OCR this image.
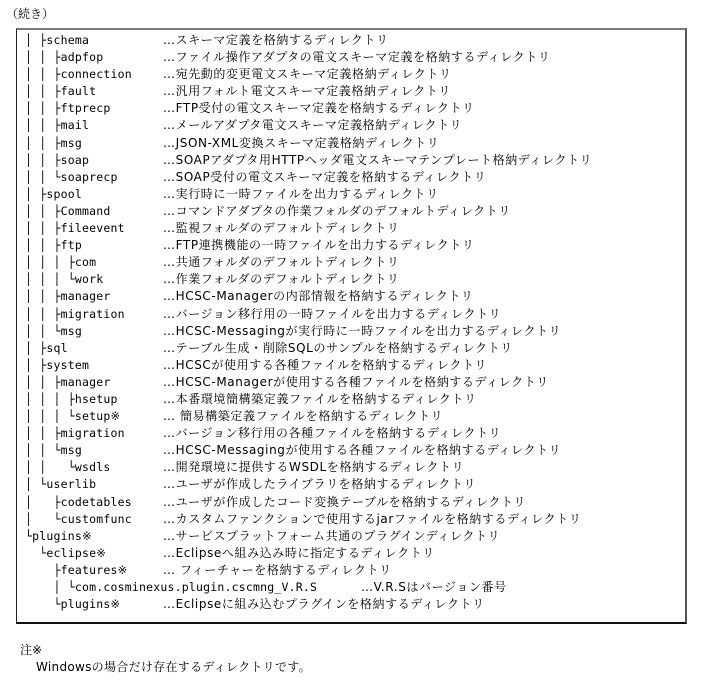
（続き）
│ ├schema	…スキーマ定義を格納するディレクトリ
│ │ ├adpfop	…ファイル操作アダプタの電文スキーマ定義を格納するディレクトリ
│ │ ├connection	…宛先動的変更電文スキーマ定義格納ディレクトリ
│ │ ├fault	…汎用フォルト電文スキーマ定義格納ディレクトリ
│ │ ├ftprecp	…FTP受付の電文スキーマ定義を格納するディレクトリ
│ │ ├mail	…メールアダプタ電文スキーマ定義格納ディレクトリ
│ │ ├msg	…JSON-XML変換スキーマ定義格納ディレクトリ
│ │ ├soap	…SOAPアダプタ用HTTPヘッダ電文スキーマテンプレート格納ディレクトリ
│ │ └soaprecp	…SOAP受付の電文スキーマ定義を格納するディレクトリ
│ ├spool	…実行時に一時ファイルを出力するディレクトリ
│ │ ├Command	…コマンドアダプタの作業フォルダのデフォルトディレクトリ
│ │ ├fileevent	…監視フォルダのデフォルトディレクトリ
│ │ ├ftp	…FTP連携機能の一時ファイルを出力するディレクトリ
│ │ │ ├com	…共通フォルダのデフォルトディレクトリ
│ │ │ └work	…作業フォルダのデフォルトディレクトリ
│ │ ├manager	…HCSC-Managerの内部情報を格納するディレクトリ
│ │ ├migration	…バージョン移行用の一時ファイルを出力するディレクトリ
│ │ └msg	…HCSC-Messagingが実行時に一時ファイルを出力するディレクトリ
│ ├sql	…テーブル生成・削除SQLのサンプルを格納するディレクトリ
│ ├system	…HCSCが使用する各種ファイルを格納するディレクトリ
│ │ ├manager	…HCSC-Managerが使用する各種ファイルを格納するディレクトリ
│ │ │ ├hsetup	…本番環境簡構築定義ファイルを格納するディレクトリ
│ │ │ └setup※	… 簡易構築定義ファイルを格納するディレクトリ
│ │ ├migration	…バージョン移行用の各種ファイルを格納するディレクトリ
│ │ └msg	…HCSC-Messagingが使用する各種ファイルを格納するディレクトリ
│ │   └wsdls	…開発環境に提供するWSDLを格納するディレクトリ
│ └userlib	…ユーザが作成したライブラリを格納するディレクトリ
│   ├codetables	…ユーザが作成したコード変換テーブルを格納するディレクトリ
│   └customfunc	…カスタムファンクションで使用するjarファイルを格納するディレクトリ
└plugins※	…サービスプラットフォーム共通のプラグインディレクトリ
└eclipse※	…Eclipseへ組み込み時に指定するディレクトリ
├features※	… フィーチャーを格納するディレクトリ
│ └com.cosminexus.plugin.cscmng_V.R.S	…V.R.Sはバージョン番号
└plugins※	…Eclipseに組み込むプラグインを格納するディレクトリ
注※
Windowsの場合だけ存在するディレクトリです。
